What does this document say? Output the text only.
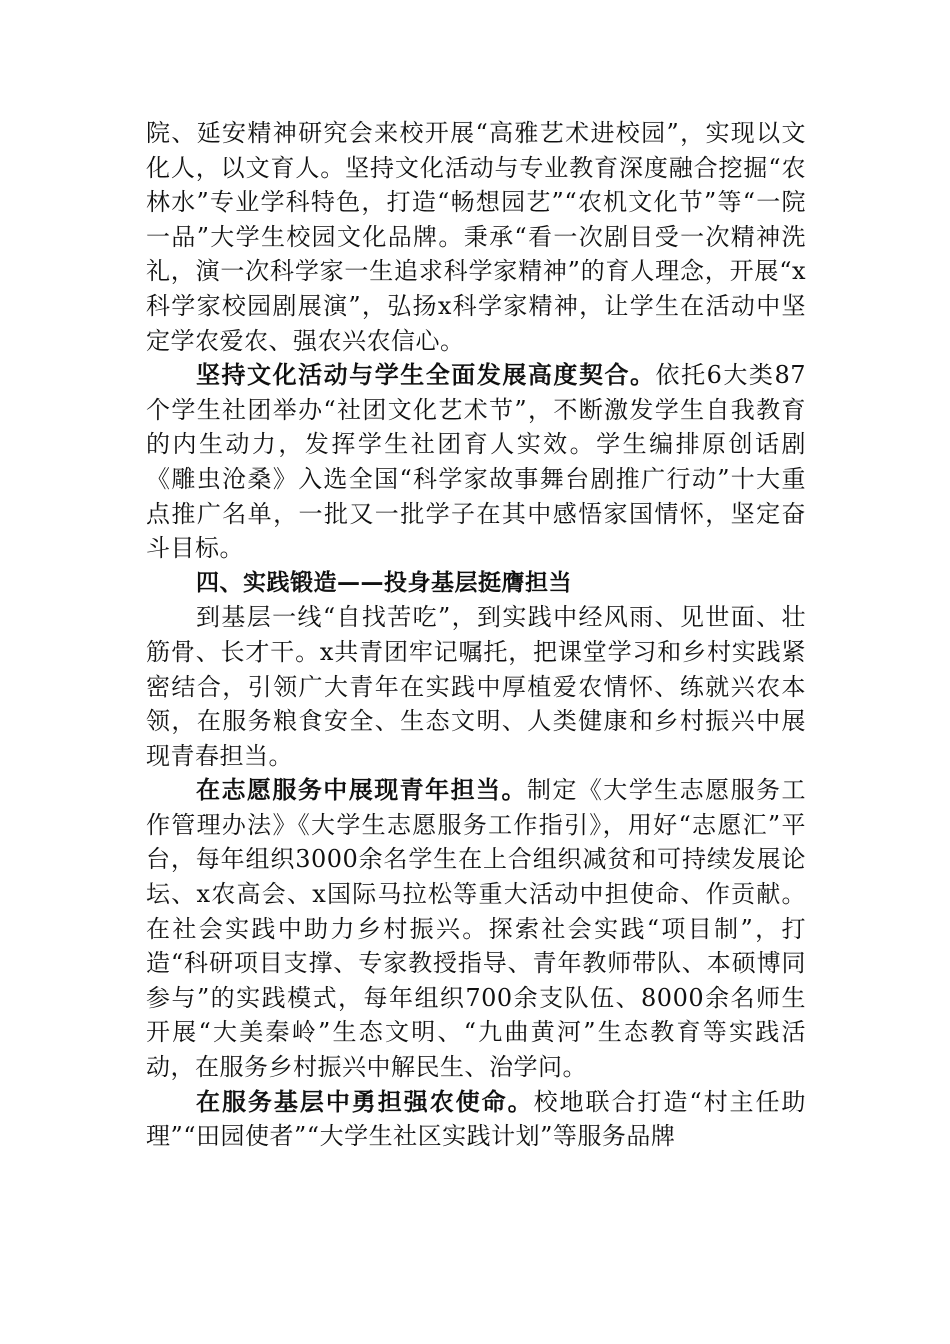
院、延安精神研究会来校开展“高雅艺术进校园”，实现以文化人，以文育人。坚持文化活动与专业教育深度融合挖掘“农林水”专业学科特色，打造“畅想园艺”“农机文化节”等“一院一品”大学生校园文化品牌。秉承“看一次剧目受一次精神洗礼，演一次科学家一生追求科学家精神”的育人理念，开展“x科学家校园剧展演”，弘扬x科学家精神，让学生在活动中坚定学农爱农、强农兴农信心。

坚持文化活动与学生全面发展高度契合。依托6大类87个学生社团举办“社团文化艺术节”，不断激发学生自我教育的内生动力，发挥学生社团育人实效。学生编排原创话剧《雕虫沧桑》入选全国“科学家故事舞台剧推广行动”十大重点推广名单，一批又一批学子在其中感悟家国情怀，坚定奋斗目标。

四、实践锻造——投身基层挺膺担当

到基层一线“自找苦吃”，到实践中经风雨、见世面、壮筋骨、长才干。x共青团牢记嘱托，把课堂学习和乡村实践紧密结合，引领广大青年在实践中厚植爱农情怀、练就兴农本领，在服务粮食安全、生态文明、人类健康和乡村振兴中展现青春担当。

在志愿服务中展现青年担当。制定《大学生志愿服务工作管理办法》《大学生志愿服务工作指引》，用好“志愿汇”平台，每年组织3000余名学生在上合组织减贫和可持续发展论坛、x农高会、x国际马拉松等重大活动中担使命、作贡献。在社会实践中助力乡村振兴。探索社会实践“项目制”，打造“科研项目支撑、专家教授指导、青年教师带队、本硕博同参与”的实践模式，每年组织700余支队伍、8000余名师生开展“大美秦岭”生态文明、“九曲黄河”生态教育等实践活动，在服务乡村振兴中解民生、治学问。

在服务基层中勇担强农使命。校地联合打造“村主任助理”“田园使者”“大学生社区实践计划”等服务品牌
